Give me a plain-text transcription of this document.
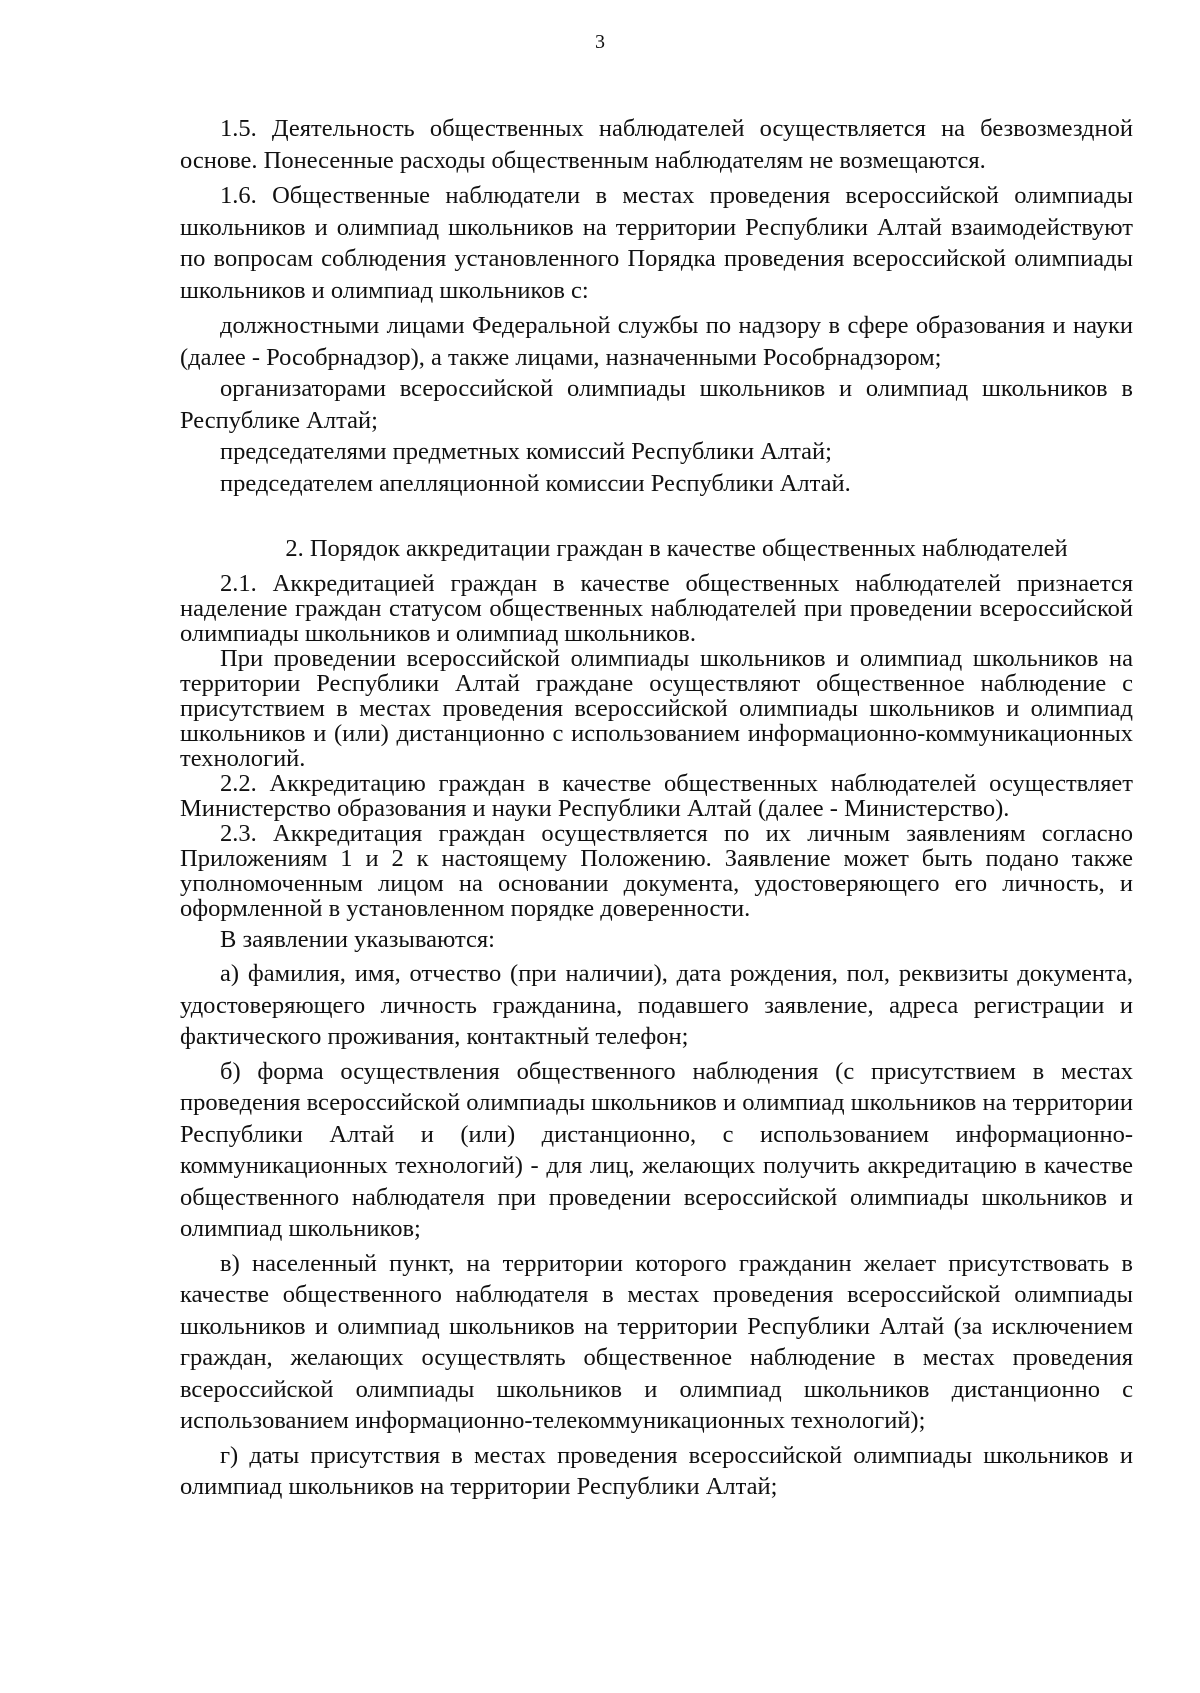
3

1.5. Деятельность общественных наблюдателей осуществляется на безвозмездной основе. Понесенные расходы общественным наблюдателям не возмещаются.

1.6. Общественные наблюдатели в местах проведения всероссийской олимпиады школьников и олимпиад школьников на территории Республики Алтай взаимодействуют по вопросам соблюдения установленного Порядка проведения всероссийской олимпиады школьников и олимпиад школьников с:

должностными лицами Федеральной службы по надзору в сфере образования и науки (далее - Рособрнадзор), а также лицами, назначенными Рособрнадзором;

организаторами всероссийской олимпиады школьников и олимпиад школьников в Республике Алтай;

председателями предметных комиссий Республики Алтай;

председателем апелляционной комиссии Республики Алтай.

2. Порядок аккредитации граждан в качестве общественных наблюдателей

2.1. Аккредитацией граждан в качестве общественных наблюдателей признается наделение граждан статусом общественных наблюдателей при проведении всероссийской олимпиады школьников и олимпиад школьников.

При проведении всероссийской олимпиады школьников и олимпиад школьников на территории Республики Алтай граждане осуществляют общественное наблюдение с присутствием в местах проведения всероссийской олимпиады школьников и олимпиад школьников и (или) дистанционно с использованием информационно-коммуникационных технологий.

2.2. Аккредитацию граждан в качестве общественных наблюдателей осуществляет Министерство образования и науки Республики Алтай (далее - Министерство).

2.3. Аккредитация граждан осуществляется по их личным заявлениям согласно Приложениям 1 и 2 к настоящему Положению. Заявление может быть подано также уполномоченным лицом на основании документа, удостоверяющего его личность, и оформленной в установленном порядке доверенности.

В заявлении указываются:

а) фамилия, имя, отчество (при наличии), дата рождения, пол, реквизиты документа, удостоверяющего личность гражданина, подавшего заявление, адреса регистрации и фактического проживания, контактный телефон;

б) форма осуществления общественного наблюдения (с присутствием в местах проведения всероссийской олимпиады школьников и олимпиад школьников на территории Республики Алтай и (или) дистанционно, с использованием информационно-коммуникационных технологий) - для лиц, желающих получить аккредитацию в качестве общественного наблюдателя при проведении всероссийской олимпиады школьников и олимпиад школьников;

в) населенный пункт, на территории которого гражданин желает присутствовать в качестве общественного наблюдателя в местах проведения всероссийской олимпиады школьников и олимпиад школьников на территории Республики Алтай (за исключением граждан, желающих осуществлять общественное наблюдение в местах проведения всероссийской олимпиады школьников и олимпиад школьников дистанционно с использованием информационно-телекоммуникационных технологий);

г) даты присутствия в местах проведения всероссийской олимпиады школьников и олимпиад школьников на территории Республики Алтай;
